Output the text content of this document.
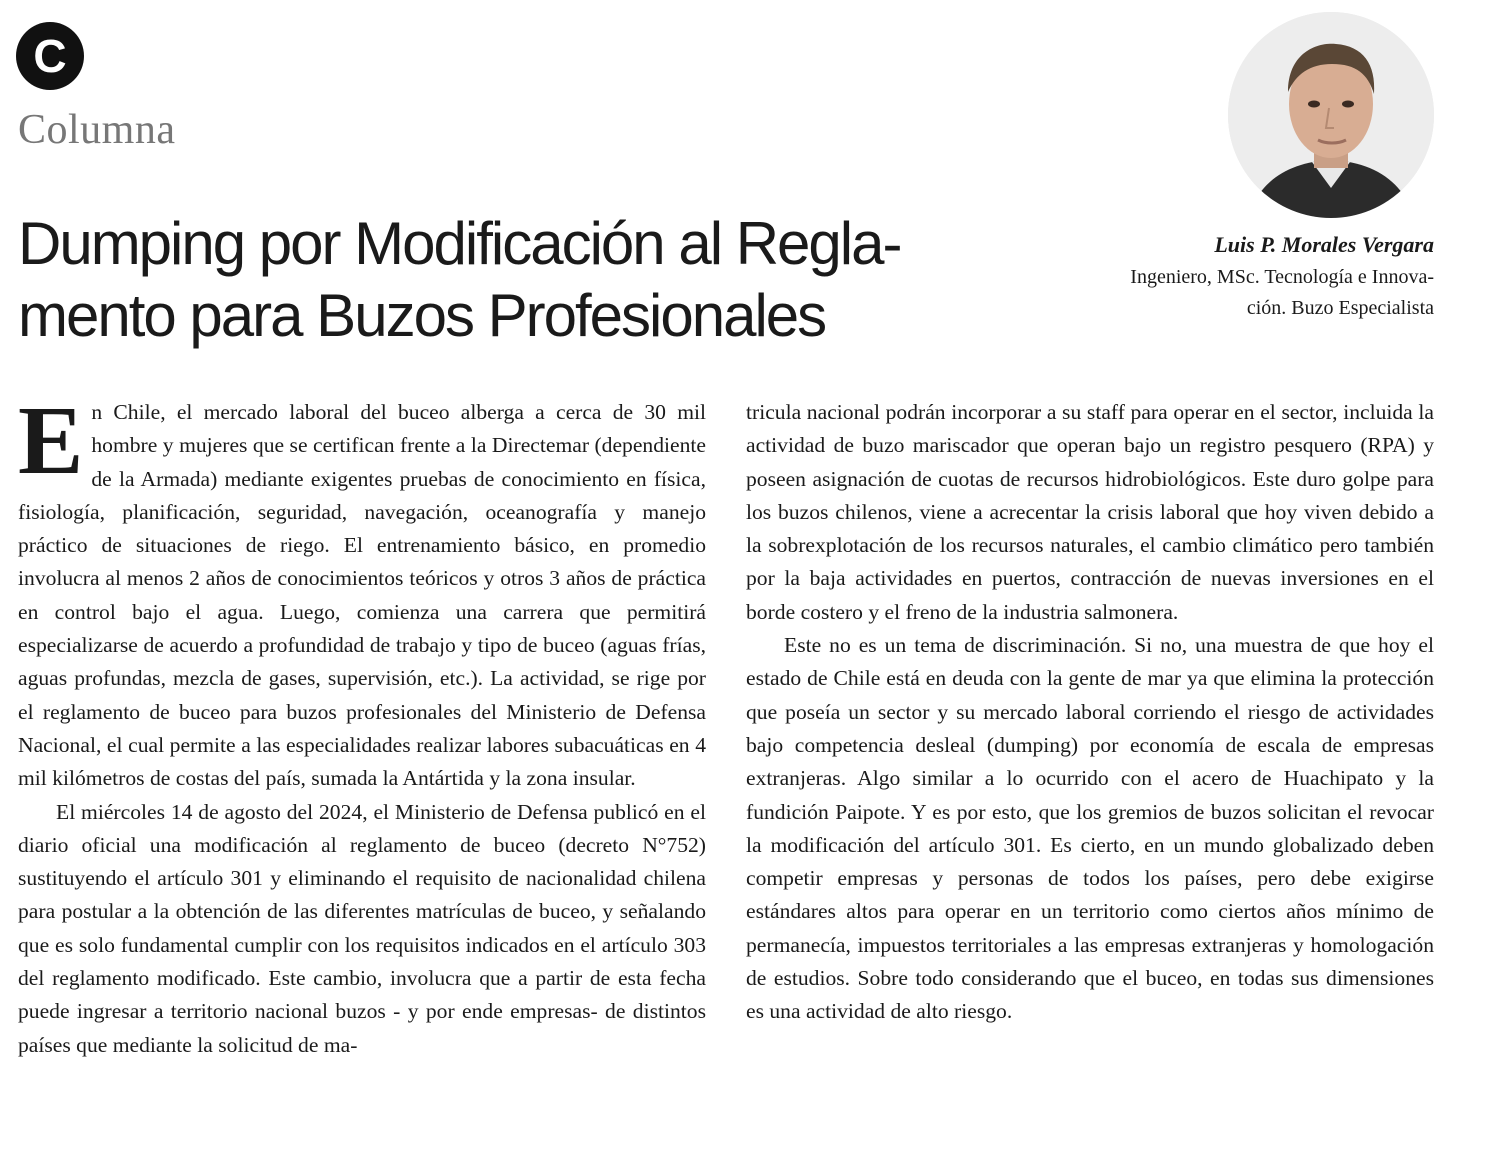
C
Columna
Dumping por Modificación al Regla-
mento para Buzos Profesionales
Luis P. Morales Vergara
Ingeniero, MSc. Tecnología e Innova-
ción. Buzo Especialista

En Chile, el mercado laboral del buceo alberga a cerca de 30 mil hombre y mujeres que se certifican frente a la Directemar (dependiente de la Armada) mediante exigentes pruebas de conocimiento en física, fisiología, planificación, seguridad, navegación, oceanografía y manejo práctico de situaciones de riego. El entrenamiento básico, en promedio involucra al menos 2 años de conocimientos teóricos y otros 3 años de práctica en control bajo el agua. Luego, comienza una carrera que permitirá especializarse de acuerdo a profundidad de trabajo y tipo de buceo (aguas frías, aguas profundas, mezcla de gases, supervisión, etc.). La actividad, se rige por el reglamento de buceo para buzos profesionales del Ministerio de Defensa Nacional, el cual permite a las especialidades realizar labores subacuáticas en 4 mil kilómetros de costas del país, sumada la Antártida y la zona insular.

El miércoles 14 de agosto del 2024, el Ministerio de Defensa publicó en el diario oficial una modificación al reglamento de buceo (decreto N°752) sustituyendo el artículo 301 y eliminando el requisito de nacionalidad chilena para postular a la obtención de las diferentes matrículas de buceo, y señalando que es solo fundamental cumplir con los requisitos indicados en el artículo 303 del reglamento modificado. Este cambio, involucra que a partir de esta fecha puede ingresar a territorio nacional buzos - y por ende empresas- de distintos países que mediante la solicitud de ma-

tricula nacional podrán incorporar a su staff para operar en el sector, incluida la actividad de buzo mariscador que operan bajo un registro pesquero (RPA) y poseen asignación de cuotas de recursos hidrobiológicos. Este duro golpe para los buzos chilenos, viene a acrecentar la crisis laboral que hoy viven debido a la sobrexplotación de los recursos naturales, el cambio climático pero también por la baja actividades en puertos, contracción de nuevas inversiones en el borde costero y el freno de la industria salmonera.

Este no es un tema de discriminación. Si no, una muestra de que hoy el estado de Chile está en deuda con la gente de mar ya que elimina la protección que poseía un sector y su mercado laboral corriendo el riesgo de actividades bajo competencia desleal (dumping) por economía de escala de empresas extranjeras. Algo similar a lo ocurrido con el acero de Huachipato y la fundición Paipote. Y es por esto, que los gremios de buzos solicitan el revocar la modificación del artículo 301. Es cierto, en un mundo globalizado deben competir empresas y personas de todos los países, pero debe exigirse estándares altos para operar en un territorio como ciertos años mínimo de permanecía, impuestos territoriales a las empresas extranjeras y homologación de estudios. Sobre todo considerando que el buceo, en todas sus dimensiones es una actividad de alto riesgo.
